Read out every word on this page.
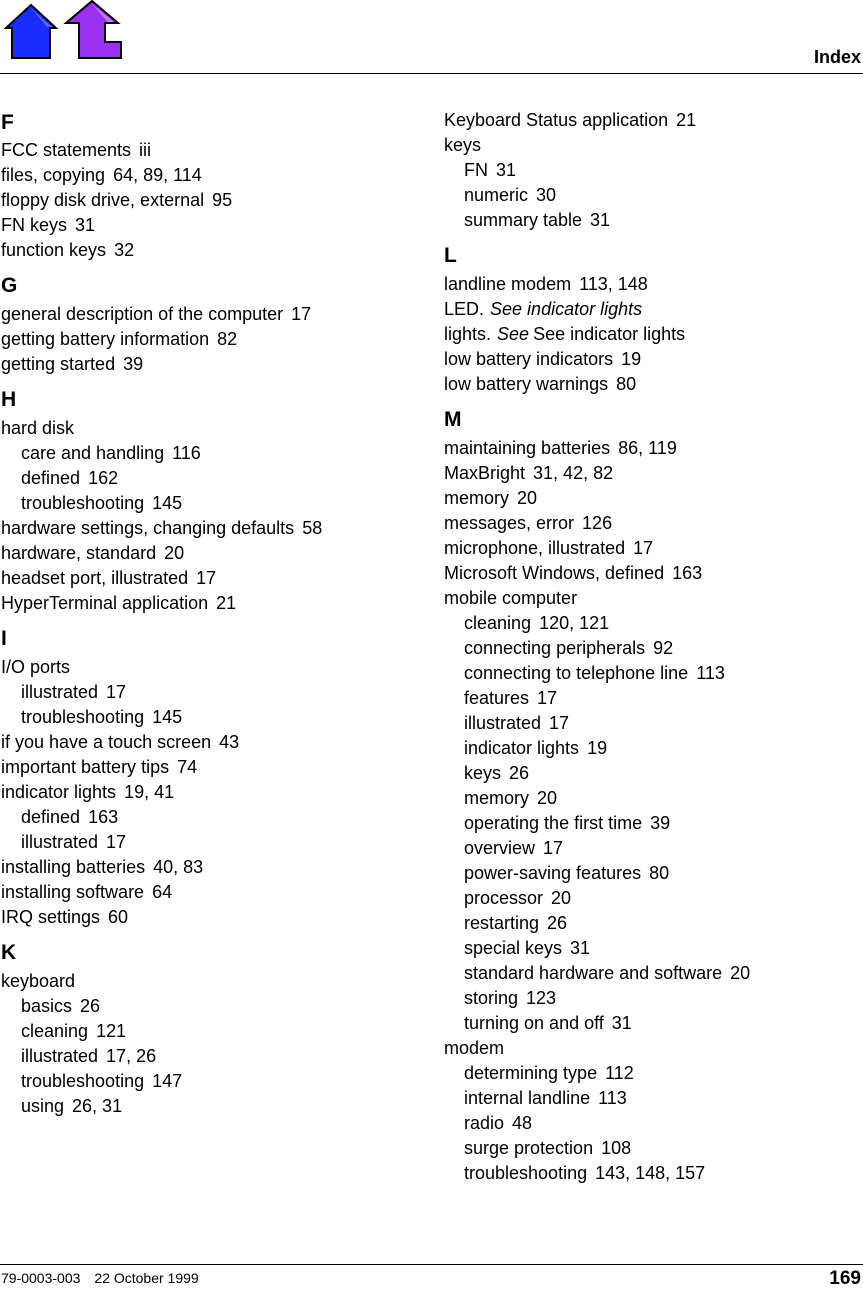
Index
F
FCC statements iii
files, copying 64, 89, 114
floppy disk drive, external 95
FN keys 31
function keys 32
G
general description of the computer 17
getting battery information 82
getting started 39
H
hard disk
care and handling 116
defined 162
troubleshooting 145
hardware settings, changing defaults 58
hardware, standard 20
headset port, illustrated 17
HyperTerminal application 21
I
I/O ports
illustrated 17
troubleshooting 145
if you have a touch screen 43
important battery tips 74
indicator lights 19, 41
defined 163
illustrated 17
installing batteries 40, 83
installing software 64
IRQ settings 60
K
keyboard
basics 26
cleaning 121
illustrated 17, 26
troubleshooting 147
using 26, 31
Keyboard Status application 21
keys
FN 31
numeric 30
summary table 31
L
landline modem 113, 148
LED. See indicator lights
lights. See See indicator lights
low battery indicators 19
low battery warnings 80
M
maintaining batteries 86, 119
MaxBright 31, 42, 82
memory 20
messages, error 126
microphone, illustrated 17
Microsoft Windows, defined 163
mobile computer
cleaning 120, 121
connecting peripherals 92
connecting to telephone line 113
features 17
illustrated 17
indicator lights 19
keys 26
memory 20
operating the first time 39
overview 17
power-saving features 80
processor 20
restarting 26
special keys 31
standard hardware and software 20
storing 123
turning on and off 31
modem
determining type 112
internal landline 113
radio 48
surge protection 108
troubleshooting 143, 148, 157
79-0003-003 22 October 1999	169
